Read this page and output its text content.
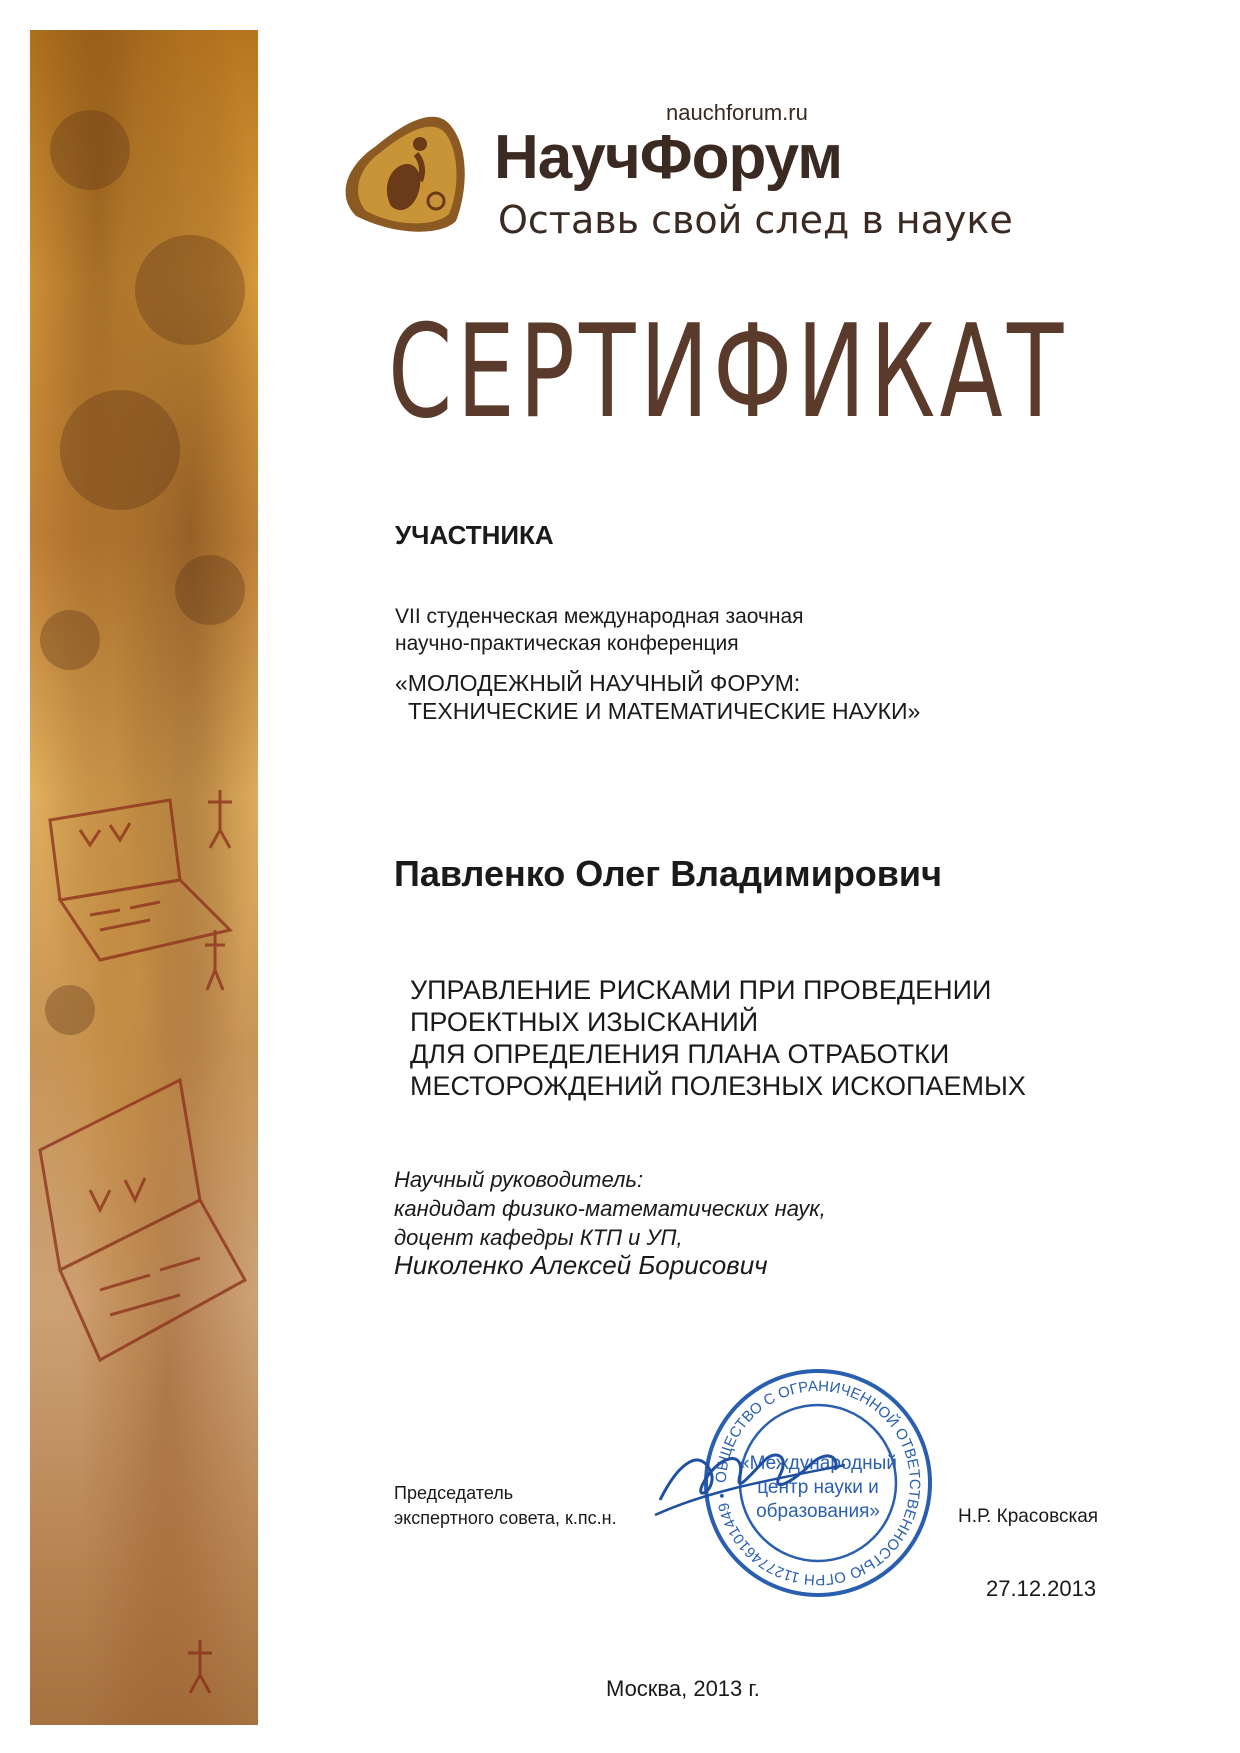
nauchforum.ru
НаучФорум
Оставь свой след в науке
СЕРТИФИКАТ
УЧАСТНИКА
VII студенческая международная заочная
научно-практическая конференция
«МОЛОДЕЖНЫЙ НАУЧНЫЙ ФОРУМ:
ТЕХНИЧЕСКИЕ И МАТЕМАТИЧЕСКИЕ НАУКИ»
Павленко Олег Владимирович
УПРАВЛЕНИЕ РИСКАМИ ПРИ ПРОВЕДЕНИИ
ПРОЕКТНЫХ ИЗЫСКАНИЙ
ДЛЯ ОПРЕДЕЛЕНИЯ ПЛАНА ОТРАБОТКИ
МЕСТОРОЖДЕНИЙ ПОЛЕЗНЫХ ИСКОПАЕМЫХ
Научный руководитель:
кандидат физико-математических наук,
доцент кафедры КТП и УП,
Николенко Алексей Борисович
Председатель
экспертного совета, к.пс.н.
ОБЩЕСТВО С ОГРАНИЧЕННОЙ ОТВЕТСТВЕННОСТЬЮ ОГРН 1127746101449 •
«Международный
центр науки и
образования»	Н.Р. Красовская
27.12.2013
Москва, 2013 г.
